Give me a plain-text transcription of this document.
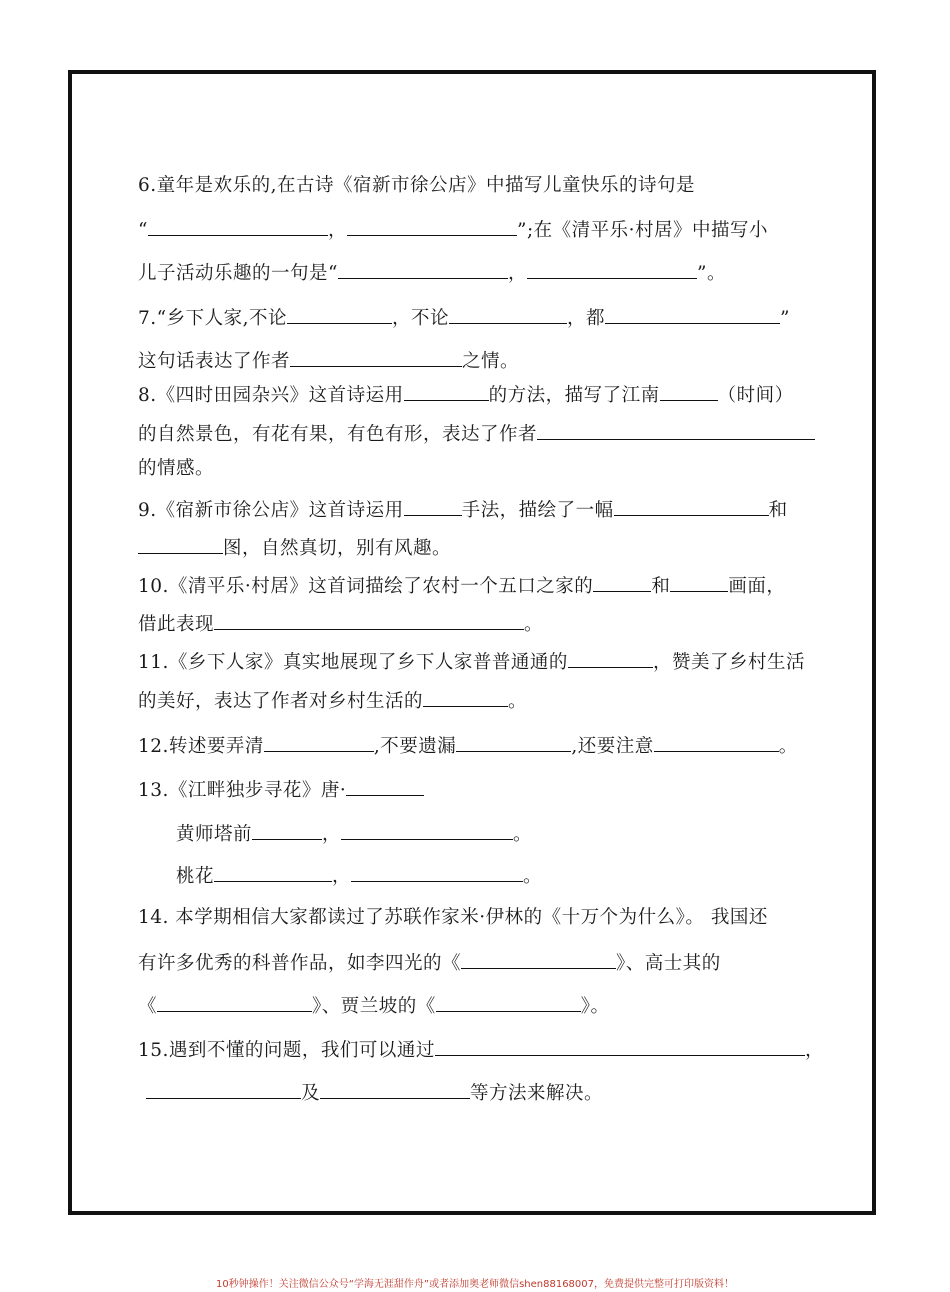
6.童年是欢乐的,在古诗《宿新市徐公店》中描写儿童快乐的诗句是
“	，	”;在《清平乐·村居》中描写小
儿子活动乐趣的一句是“	，	”。
7.“乡下人家,不论	，不论	，都	”
这句话表达了作者	之情。
8.《四时田园杂兴》这首诗运用	的方法，描写了江南	（时间）
的自然景色，有花有果，有色有形，表达了作者
的情感。
9.《宿新市徐公店》这首诗运用	手法，描绘了一幅	和
图，自然真切，别有风趣。
10.《清平乐·村居》这首词描绘了农村一个五口之家的	和	画面，
借此表现	。
11.《乡下人家》真实地展现了乡下人家普普通通的	，赞美了乡村生活
的美好，表达了作者对乡村生活的	。
12.转述要弄清	,不要遗漏	,还要注意	。
13.《江畔独步寻花》唐·
黄师塔前	，	。
桃花	，	。
14. 本学期相信大家都读过了苏联作家米·伊林的《十万个为什么》。 我国还
有许多优秀的科普作品，如李四光的《	》、高士其的
《	》、贾兰坡的《	》。
15.遇到不懂的问题，我们可以通过	，
及	等方法来解决。
10秒钟操作！关注微信公众号“学海无涯甜作舟”或者添加奥老师微信shen88168007，免费提供完整可打印版资料！
